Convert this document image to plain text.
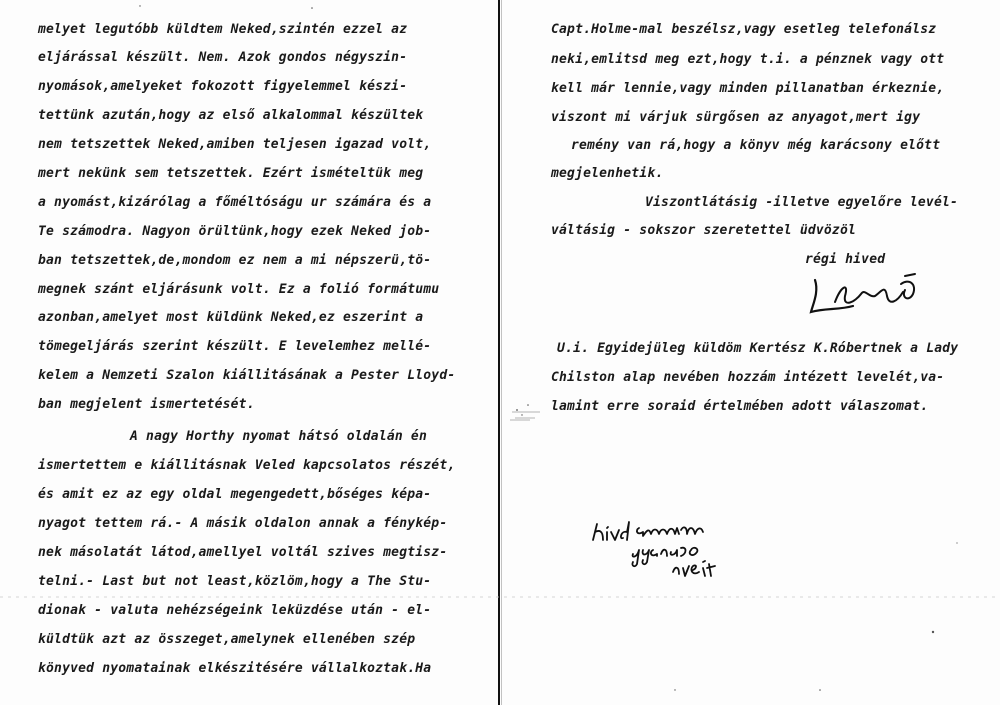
melyet legutóbb küldtem Neked,szintén ezzel az
eljárással készült. Nem. Azok gondos négyszin-
nyomások,amelyeket fokozott figyelemmel készi-
tettünk azután,hogy az első alkalommal készültek
nem tetszettek Neked,amiben teljesen igazad volt,
mert nekünk sem tetszettek. Ezért ismételtük meg
a nyomást,kizárólag a főméltóságu ur számára és a
Te számodra. Nagyon örültünk,hogy ezek Neked job-
ban tetszettek,de,mondom ez nem a mi népszerü,tö-
megnek szánt eljárásunk volt. Ez a folió formátumu
azonban,amelyet most küldünk Neked,ez eszerint a
tömegeljárás szerint készült. E levelemhez mellé-
kelem a Nemzeti Szalon kiállitásának a Pester Lloyd-
ban megjelent ismertetését.
A nagy Horthy nyomat hátsó oldalán én
ismertettem e kiállitásnak Veled kapcsolatos részét,
és amit ez az egy oldal megengedett,bőséges képa-
nyagot tettem rá.- A másik oldalon annak a fénykép-
nek másolatát látod,amellyel voltál szives megtisz-
telni.- Last but not least,közlöm,hogy a The Stu-
dionak - valuta nehézségeink leküzdése után - el-
küldtük azt az összeget,amelynek ellenében szép
könyved nyomatainak elkészitésére vállalkoztak.Ha
Capt.Holme-mal beszélsz,vagy esetleg telefonálsz
neki,emlitsd meg ezt,hogy t.i. a pénznek vagy ott
kell már lennie,vagy minden pillanatban érkeznie,
viszont mi várjuk sürgősen az anyagot,mert igy
remény van rá,hogy a könyv még karácsony előtt
megjelenhetik.
Viszontlátásig -illetve egyelőre levél-
váltásig - sokszor szeretettel üdvözöl
régi hived
U.i. Egyidejüleg küldöm Kertész K.Róbertnek a Lady
Chilston alap nevében hozzám intézett levelét,va-
lamint erre soraid értelmében adott válaszomat.
